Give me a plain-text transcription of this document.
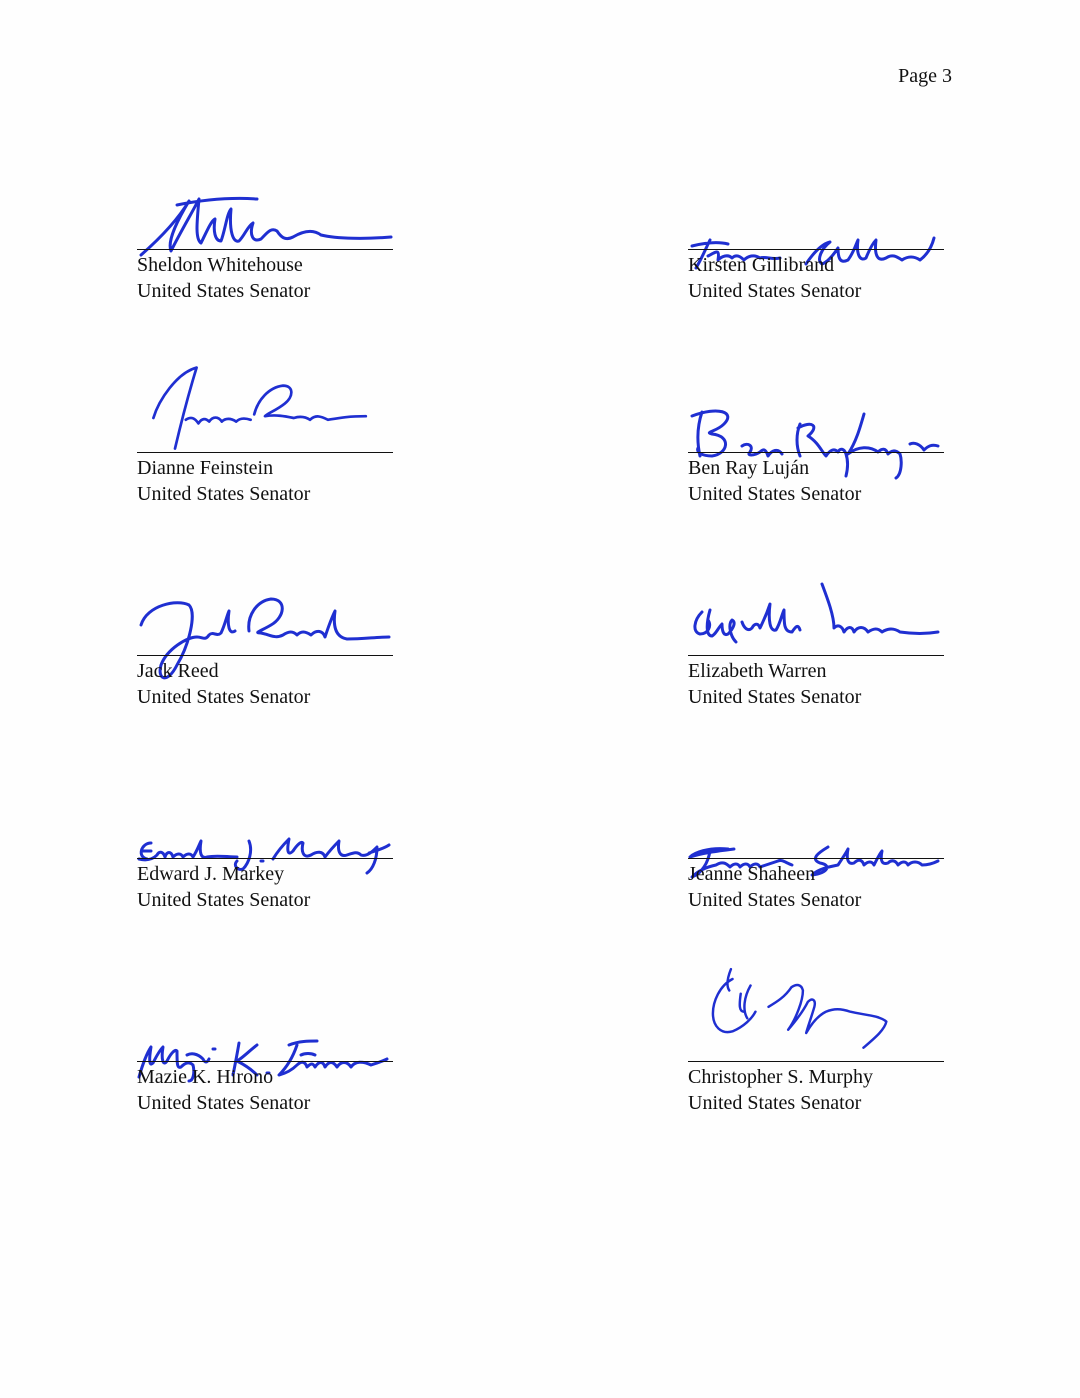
Page 3
Sheldon Whitehouse
United States Senator
Kirsten Gillibrand
United States Senator
Dianne Feinstein
United States Senator
Ben Ray Luján
United States Senator
Jack Reed
United States Senator
Elizabeth Warren
United States Senator
Edward J. Markey
United States Senator
Jeanne Shaheen
United States Senator
Mazie K. Hirono
United States Senator
Christopher S. Murphy
United States Senator
